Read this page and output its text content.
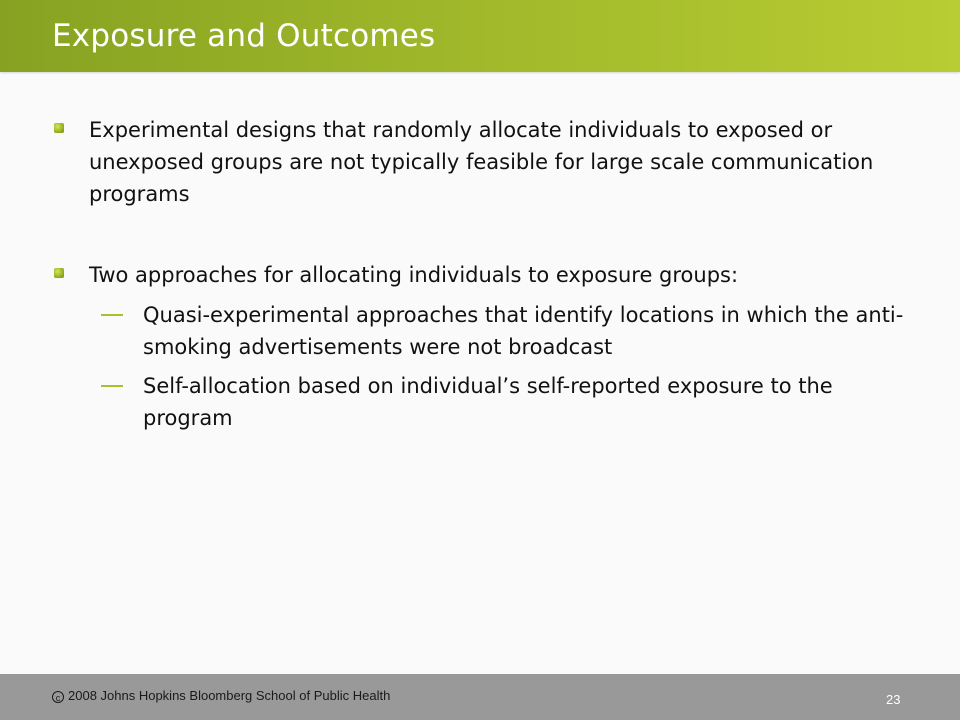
Exposure and Outcomes
Experimental designs that randomly allocate individuals to exposed or unexposed groups are not typically feasible for large scale communication programs
Two approaches for allocating individuals to exposure groups:
Quasi-experimental approaches that identify locations in which the anti-smoking advertisements were not broadcast
Self-allocation based on individual’s self-reported exposure to the program
c 2008 Johns Hopkins Bloomberg School of Public Health	23
